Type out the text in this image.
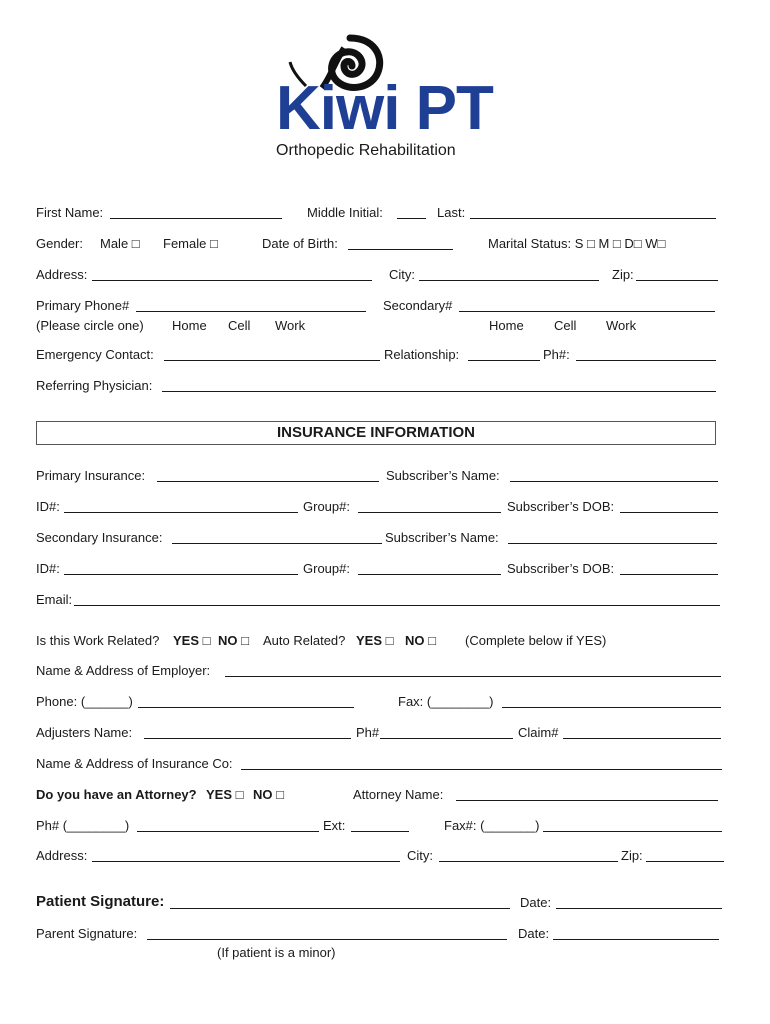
Kiwi PT
Orthopedic Rehabilitation
First Name:	Middle Initial:	Last:
Gender: Male □ Female □	Date of Birth:	Marital Status: S □ M □ D□ W□
Address:	City:	Zip:
Primary Phone#	Secondary#
(Please circle one) Home Cell Work	Home Cell Work
Emergency Contact:	Relationship:	Ph#:
Referring Physician:
INSURANCE INFORMATION
Primary Insurance:	Subscriber’s Name:
ID#:	Group#:	Subscriber’s DOB:
Secondary Insurance:	Subscriber’s Name:
ID#:	Group#:	Subscriber’s DOB:
Email:
Is this Work Related? YES □ NO □ Auto Related? YES □ NO □ (Complete below if YES)
Name & Address of Employer:
Phone: (______)	Fax: (________)
Adjusters Name:	Ph#	Claim#
Name & Address of Insurance Co:
Do you have an Attorney? YES □ NO □	Attorney Name:
Ph# (________)	Ext:	Fax#: (_______)
Address:	City:	Zip:
Patient Signature:	Date:
Parent Signature:	Date:
(If patient is a minor)
